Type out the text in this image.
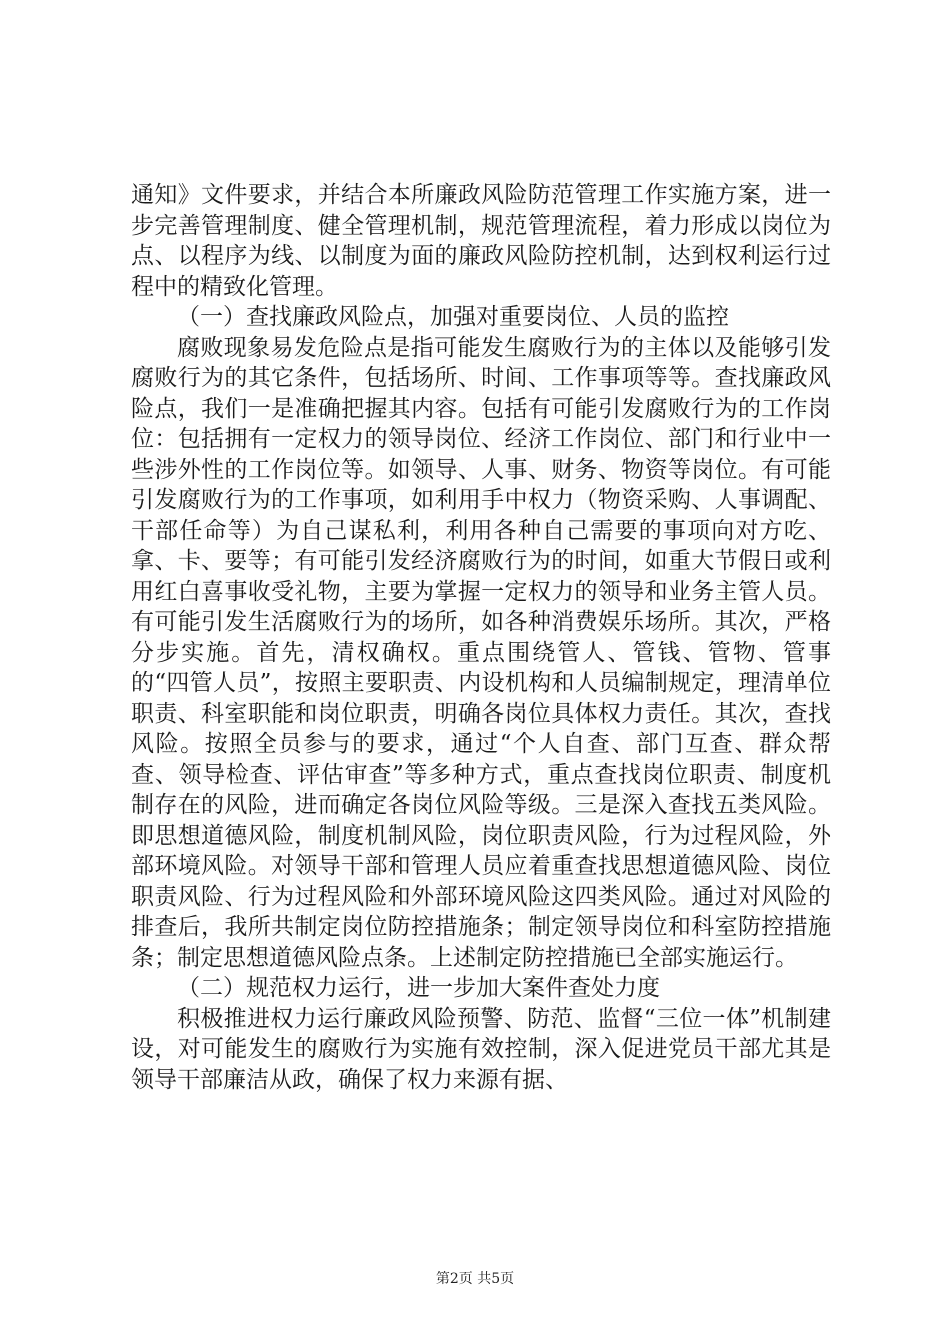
通知》文件要求，并结合本所廉政风险防范管理工作实施方案，进一步完善管理制度、健全管理机制，规范管理流程，着力形成以岗位为点、以程序为线、以制度为面的廉政风险防控机制，达到权利运行过程中的精致化管理。

（一）查找廉政风险点，加强对重要岗位、人员的监控

腐败现象易发危险点是指可能发生腐败行为的主体以及能够引发腐败行为的其它条件，包括场所、时间、工作事项等等。查找廉政风险点，我们一是准确把握其内容。包括有可能引发腐败行为的工作岗位：包括拥有一定权力的领导岗位、经济工作岗位、部门和行业中一些涉外性的工作岗位等。如领导、人事、财务、物资等岗位。有可能引发腐败行为的工作事项，如利用手中权力（物资采购、人事调配、干部任命等）为自己谋私利，利用各种自己需要的事项向对方吃、拿、卡、要等；有可能引发经济腐败行为的时间，如重大节假日或利用红白喜事收受礼物，主要为掌握一定权力的领导和业务主管人员。有可能引发生活腐败行为的场所，如各种消费娱乐场所。其次，严格分步实施。首先，清权确权。重点围绕管人、管钱、管物、管事的“四管人员”，按照主要职责、内设机构和人员编制规定，理清单位职责、科室职能和岗位职责，明确各岗位具体权力责任。其次，查找风险。按照全员参与的要求，通过“个人自查、部门互查、群众帮查、领导检查、评估审查”等多种方式，重点查找岗位职责、制度机制存在的风险，进而确定各岗位风险等级。三是深入查找五类风险。即思想道德风险，制度机制风险，岗位职责风险，行为过程风险，外部环境风险。对领导干部和管理人员应着重查找思想道德风险、岗位职责风险、行为过程风险和外部环境风险这四类风险。通过对风险的排查后，我所共制定岗位防控措施条；制定领导岗位和科室防控措施条；制定思想道德风险点条。上述制定防控措施已全部实施运行。

（二）规范权力运行，进一步加大案件查处力度

积极推进权力运行廉政风险预警、防范、监督“三位一体”机制建设，对可能发生的腐败行为实施有效控制，深入促进党员干部尤其是领导干部廉洁从政，确保了权力来源有据、

第2页 共5页
